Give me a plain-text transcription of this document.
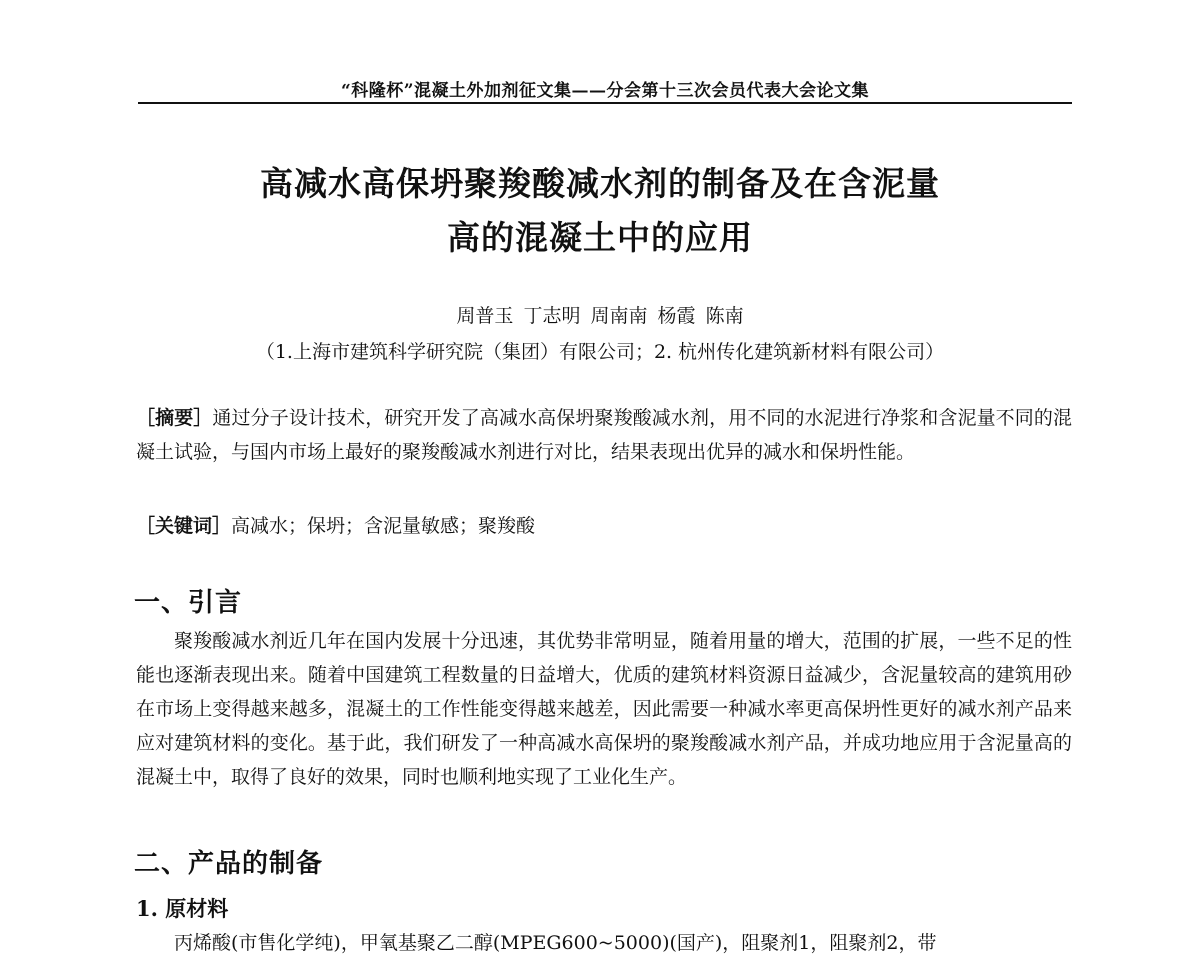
“科隆杯”混凝土外加剂征文集——分会第十三次会员代表大会论文集
高减水高保坍聚羧酸减水剂的制备及在含泥量
高的混凝土中的应用
周普玉 丁志明 周南南 杨霞 陈南
（1.上海市建筑科学研究院（集团）有限公司；2. 杭州传化建筑新材料有限公司）

［摘要］通过分子设计技术，研究开发了高减水高保坍聚羧酸减水剂，用不同的水泥进行净浆和含泥量不同的混凝土试验，与国内市场上最好的聚羧酸减水剂进行对比，结果表现出优异的减水和保坍性能。

［关键词］高减水；保坍；含泥量敏感；聚羧酸

一、引言

聚羧酸减水剂近几年在国内发展十分迅速，其优势非常明显，随着用量的增大，范围的扩展，一些不足的性能也逐渐表现出来。随着中国建筑工程数量的日益增大，优质的建筑材料资源日益减少，含泥量较高的建筑用砂在市场上变得越来越多，混凝土的工作性能变得越来越差，因此需要一种减水率更高保坍性更好的减水剂产品来应对建筑材料的变化。基于此，我们研发了一种高减水高保坍的聚羧酸减水剂产品，并成功地应用于含泥量高的混凝土中，取得了良好的效果，同时也顺利地实现了工业化生产。

二、产品的制备
1. 原材料

丙烯酸(市售化学纯)，甲氧基聚乙二醇(MPEG600~5000)(国产)，阻聚剂1，阻聚剂2，带
